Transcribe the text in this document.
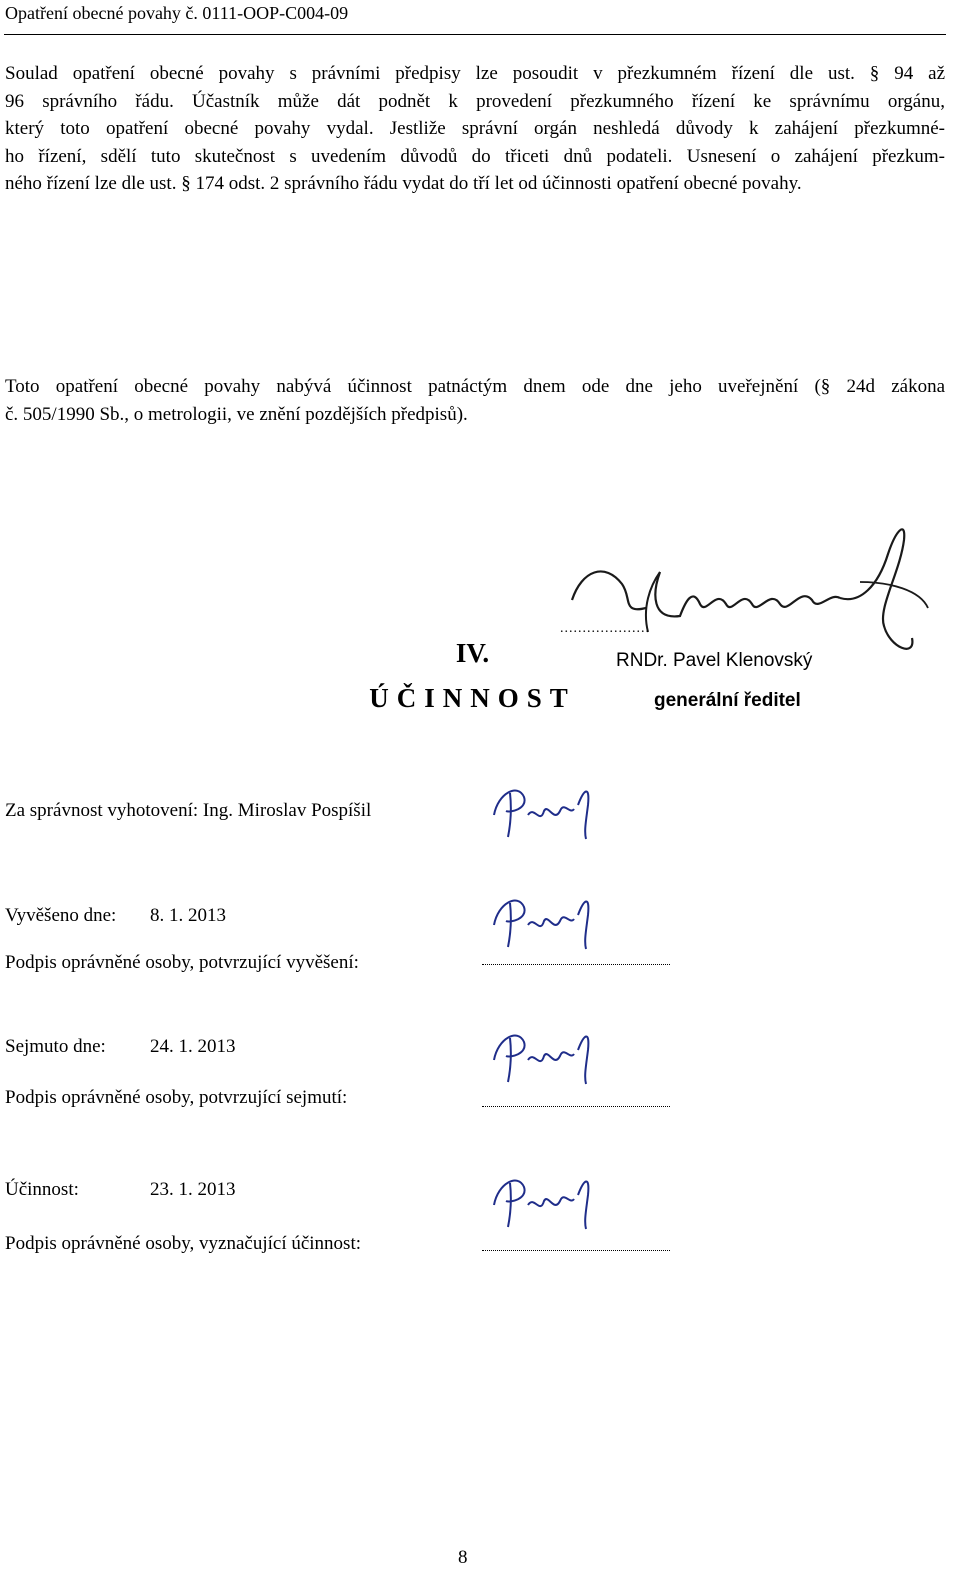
Opatření obecné povahy č. 0111-OOP-C004-09
Soulad opatření obecné povahy s právními předpisy lze posoudit v přezkumném řízení dle ust. § 94 až
96 správního řádu. Účastník může dát podnět k provedení přezkumného řízení ke správnímu orgánu,
který toto opatření obecné povahy vydal. Jestliže správní orgán neshledá důvody k zahájení přezkumné-
ho řízení, sdělí tuto skutečnost s uvedením důvodů do třiceti dnů podateli. Usnesení o zahájení přezkum-
ného řízení lze dle ust. § 174 odst. 2 správního řádu vydat do tří let od účinnosti opatření obecné povahy.
IV.
ÚČINNOST
Toto opatření obecné povahy nabývá účinnost patnáctým dnem ode dne jeho uveřejnění (§ 24d zákona
č. 505/1990 Sb., o metrologii, ve znění pozdějších předpisů).
....................
RNDr. Pavel Klenovský
generální ředitel
Za správnost vyhotovení: Ing. Miroslav Pospíšil
Vyvěšeno dne: 8. 1. 2013
Podpis oprávněné osoby, potvrzující vyvěšení:
Sejmuto dne: 24. 1. 2013
Podpis oprávněné osoby, potvrzující sejmutí:
Účinnost:	23. 1. 2013
Podpis oprávněné osoby, vyznačující účinnost:
8
